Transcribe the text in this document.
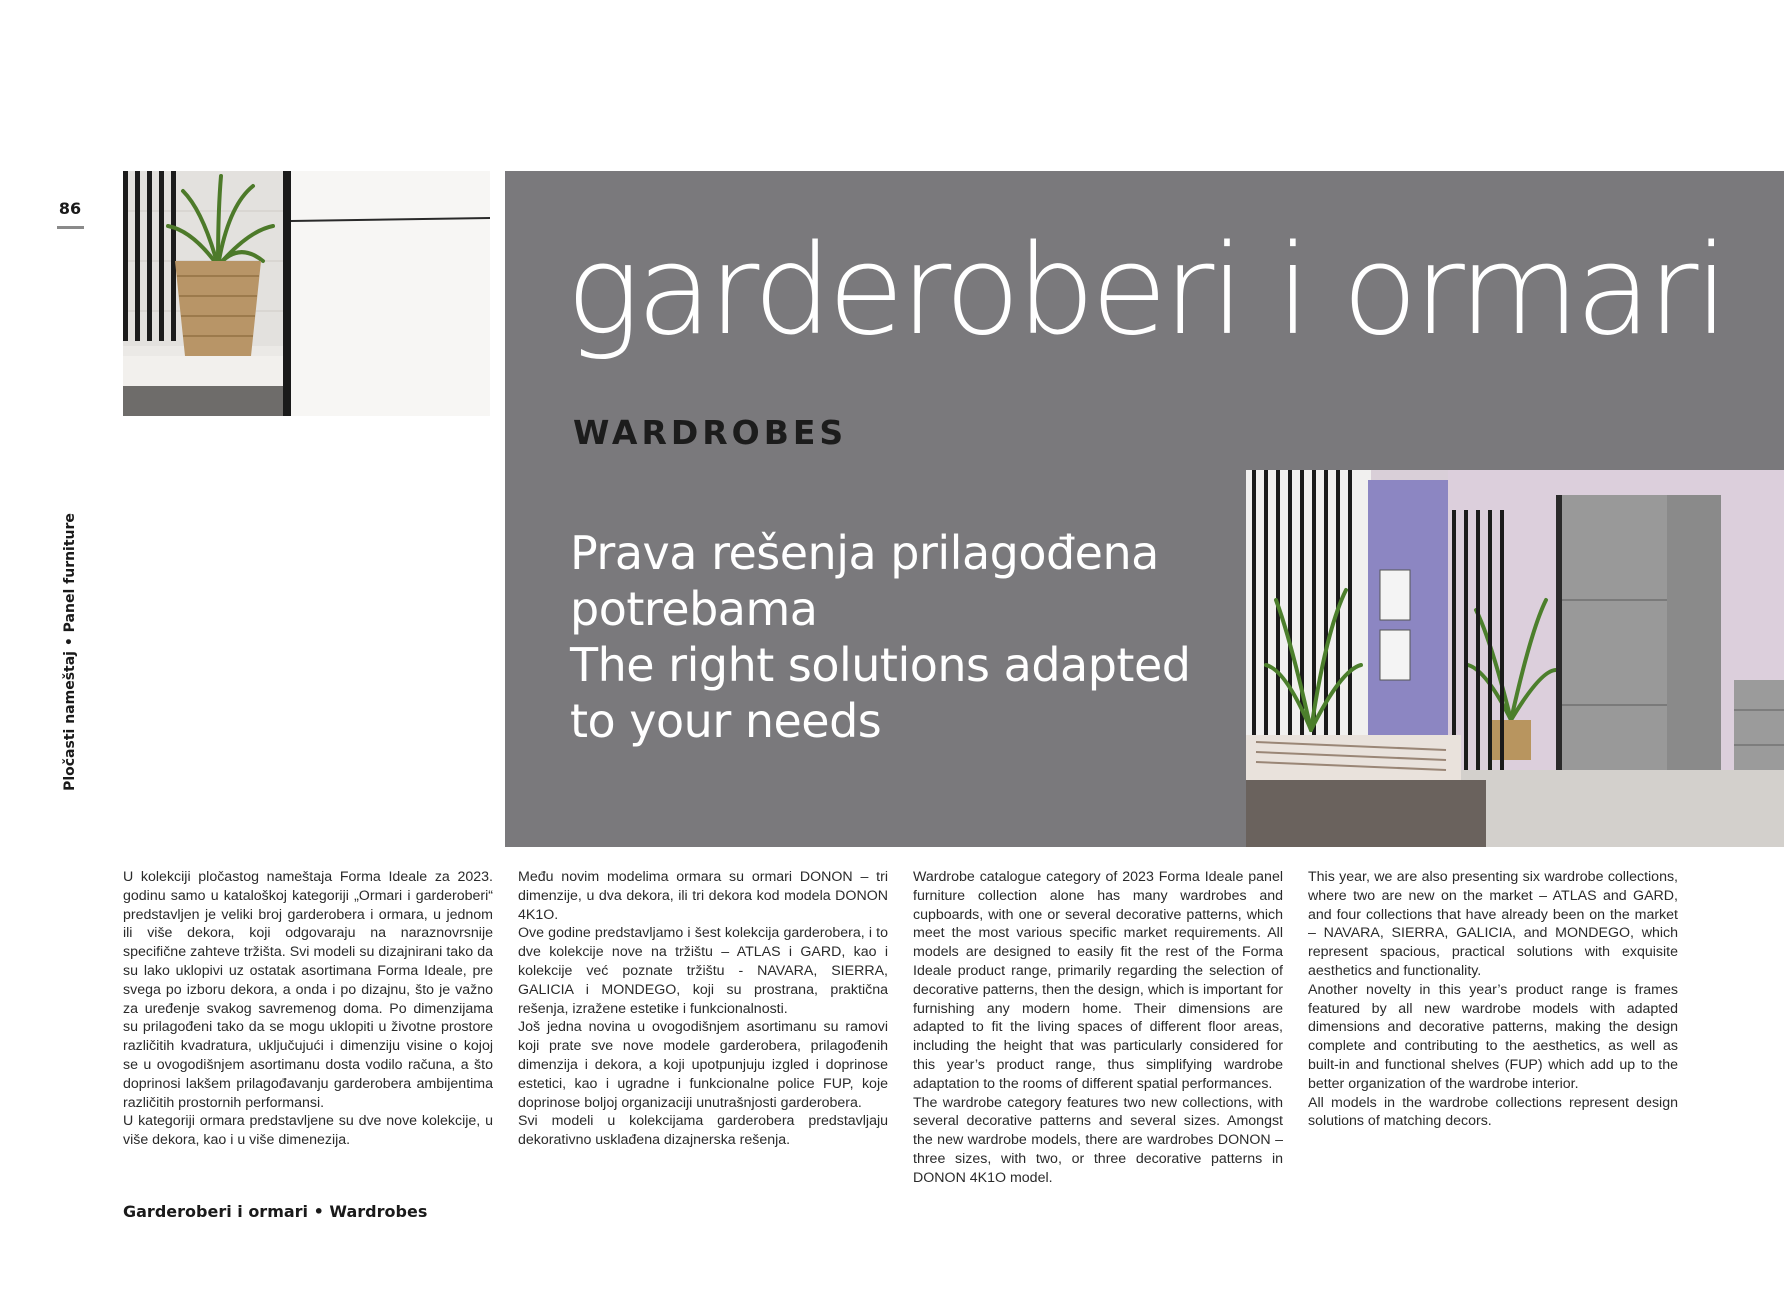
86
Pločasti nameštaj • Panel furniture
garderoberi i ormari
WARDROBES
Prava rešenja prilagođena
potrebama
The right solutions adapted
to your needs

U kolekciji pločastog nameštaja Forma Ideale za 2023. godinu samo u kataloškoj kategoriji „Ormari i garderoberi“ predstavljen je veliki broj garderobera i ormara, u jednom ili više dekora, koji odgovaraju na naraznovrsnije specifične zahteve tržišta. Svi modeli su dizajnirani tako da su lako uklopivi uz ostatak asortimana Forma Ideale, pre svega po izboru dekora, a onda i po dizajnu, što je važno za uređenje svakog savremenog doma. Po dimenzijama su prilagođeni tako da se mogu uklopiti u životne prostore različitih kvadratura, uključujući i dimenziju visine o kojoj se u ovogodišnjem asortimanu dosta vodilo računa, a što doprinosi lakšem prilagođavanju garderobera ambijentima različitih prostornih performansi.

U kategoriji ormara predstavljene su dve nove kolekcije, u više dekora, kao i u više dimenezija.

Među novim modelima ormara su ormari DONON – tri dimenzije, u dva dekora, ili tri dekora kod modela DONON 4K1O.

Ove godine predstavljamo i šest kolekcija garderobera, i to dve kolekcije nove na tržištu – ATLAS i GARD, kao i kolekcije već poznate tržištu - NAVARA, SIERRA, GALICIA i MONDEGO, koji su prostrana, praktična rešenja, izražene estetike i funkcionalnosti.

Još jedna novina u ovogodišnjem asortimanu su ramovi koji prate sve nove modele garderobera, prilagođenih dimenzija i dekora, a koji upotpunjuju izgled i doprinose estetici, kao i ugradne i funkcionalne police FUP, koje doprinose boljoj organizaciji unutrašnjosti garderobera.

Svi modeli u kolekcijama garderobera predstavljaju dekorativno usklađena dizajnerska rešenja.

Wardrobe catalogue category of 2023 Forma Ideale panel furniture collection alone has many wardrobes and cupboards, with one or several decorative patterns, which meet the most various specific market requirements. All models are designed to easily fit the rest of the Forma Ideale product range, primarily regarding the selection of decorative patterns, then the design, which is important for furnishing any modern home. Their dimensions are adapted to fit the living spaces of different floor areas, including the height that was particularly considered for this year’s product range, thus simplifying wardrobe adaptation to the rooms of different spatial performances.

The wardrobe category features two new collections, with several decorative patterns and several sizes. Amongst the new wardrobe models, there are wardrobes DONON – three sizes, with two, or three decorative patterns in DONON 4K1O model.

This year, we are also presenting six wardrobe collections, where two are new on the market – ATLAS and GARD, and four collections that have already been on the market – NAVARA, SIERRA, GALICIA, and MONDEGO, which represent spacious, practical solutions with exquisite aesthetics and functionality.

Another novelty in this year’s product range is frames featured by all new wardrobe models with adapted dimensions and decorative patterns, making the design complete and contributing to the aesthetics, as well as built-in and functional shelves (FUP) which add up to the better organization of the wardrobe interior.

All models in the wardrobe collections represent design solutions of matching decors.

Garderoberi i ormari • Wardrobes
